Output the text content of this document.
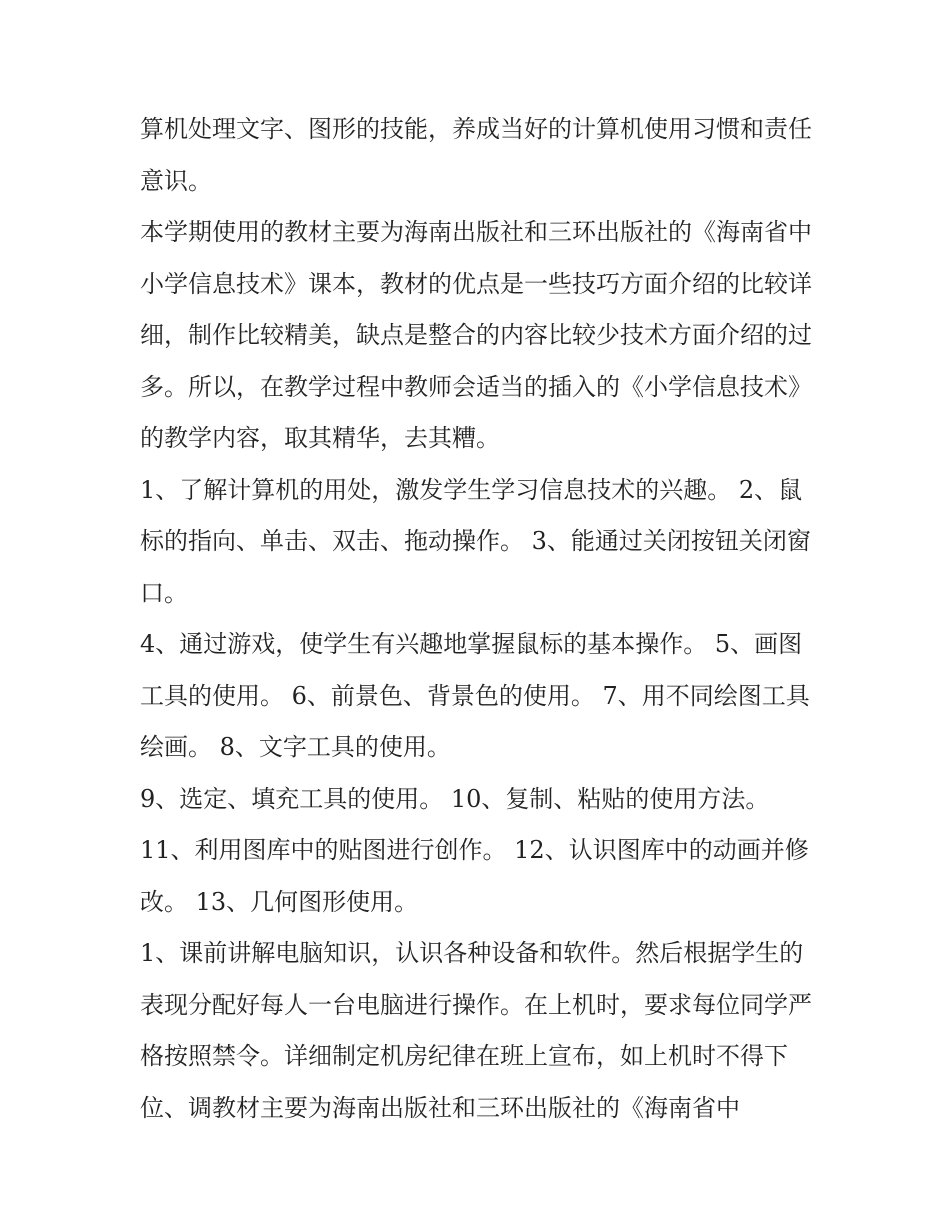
算机处理文字、图形的技能，养成当好的计算机使用习惯和责任意识。

本学期使用的教材主要为海南出版社和三环出版社的《海南省中小学信息技术》课本，教材的优点是一些技巧方面介绍的比较详细，制作比较精美，缺点是整合的内容比较少技术方面介绍的过多。所以，在教学过程中教师会适当的插入的《小学信息技术》的教学内容，取其精华，去其糟。

1、了解计算机的用处，激发学生学习信息技术的兴趣。 2、鼠标的指向、单击、双击、拖动操作。 3、能通过关闭按钮关闭窗口。

4、通过游戏，使学生有兴趣地掌握鼠标的基本操作。 5、画图工具的使用。 6、前景色、背景色的使用。 7、用不同绘图工具绘画。 8、文字工具的使用。

9、选定、填充工具的使用。 10、复制、粘贴的使用方法。

11、利用图库中的贴图进行创作。 12、认识图库中的动画并修改。 13、几何图形使用。

1、课前讲解电脑知识，认识各种设备和软件。然后根据学生的表现分配好每人一台电脑进行操作。在上机时，要求每位同学严格按照禁令。详细制定机房纪律在班上宣布，如上机时不得下位、调教材主要为海南出版社和三环出版社的《海南省中
